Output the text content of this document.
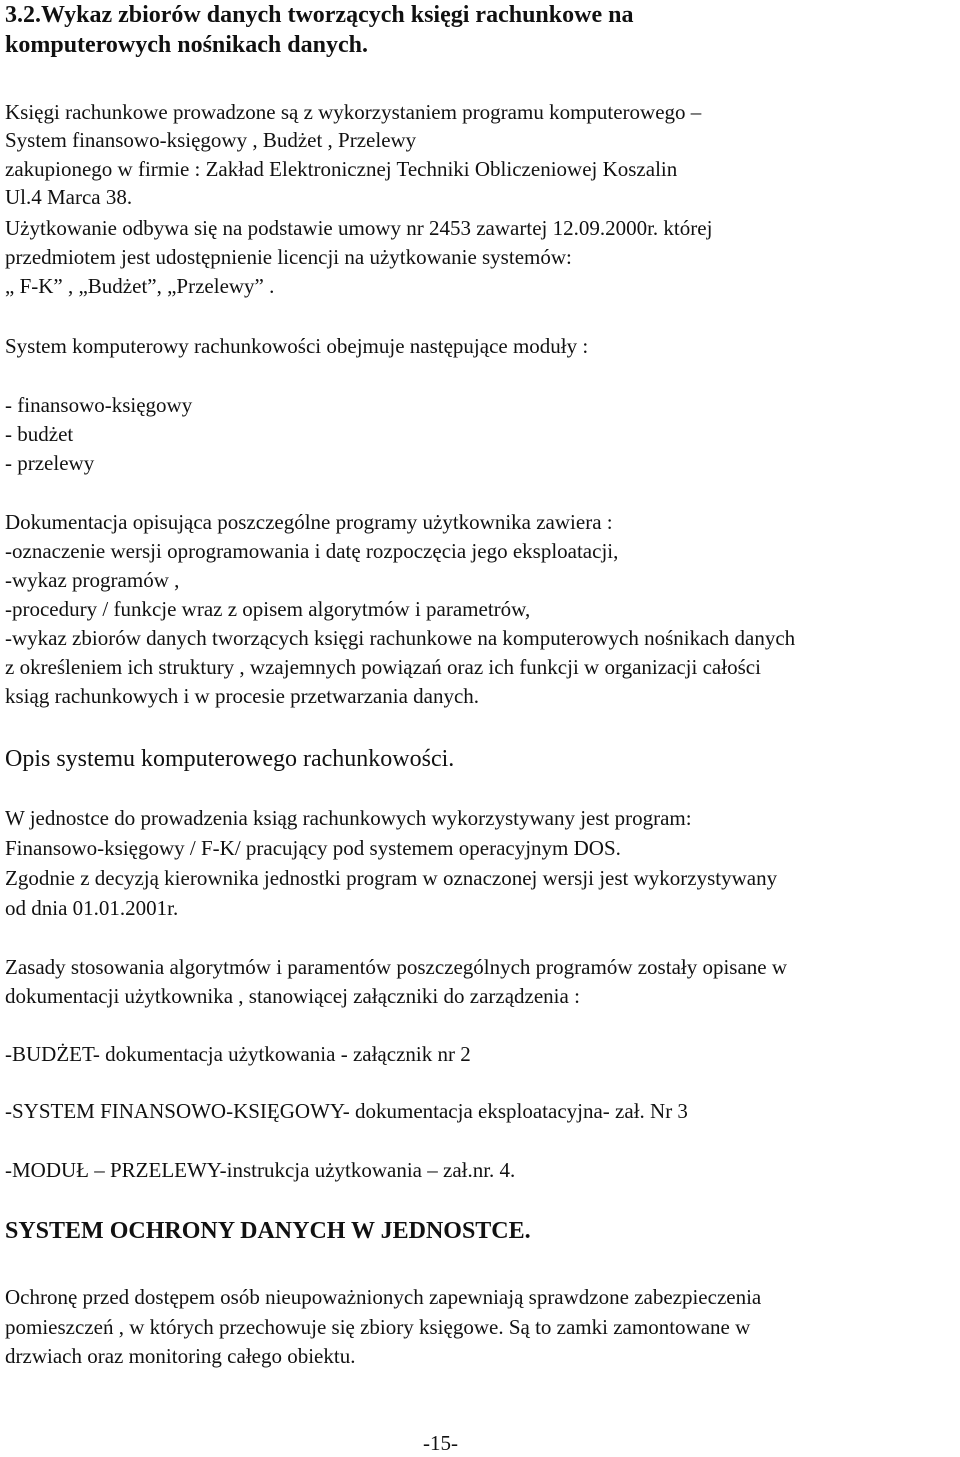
3.2.Wykaz zbiorów danych tworzących księgi rachunkowe na
komputerowych nośnikach danych.
Księgi rachunkowe prowadzone są z wykorzystaniem programu komputerowego –
System finansowo-księgowy , Budżet , Przelewy
zakupionego w firmie : Zakład Elektronicznej Techniki Obliczeniowej Koszalin
Ul.4 Marca 38.
Użytkowanie odbywa się na podstawie umowy nr 2453 zawartej 12.09.2000r. której
przedmiotem jest udostępnienie licencji na użytkowanie systemów:
„ F-K” , „Budżet”, „Przelewy” .
System komputerowy rachunkowości obejmuje następujące moduły :
- finansowo-księgowy
- budżet
- przelewy
Dokumentacja opisująca poszczególne programy użytkownika zawiera :
-oznaczenie wersji oprogramowania i datę rozpoczęcia jego eksploatacji,
-wykaz programów ,
-procedury / funkcje wraz z opisem algorytmów i parametrów,
-wykaz zbiorów danych tworzących księgi rachunkowe na komputerowych nośnikach danych
z określeniem ich struktury , wzajemnych powiązań oraz ich funkcji w organizacji całości
ksiąg rachunkowych i w procesie przetwarzania danych.
Opis systemu komputerowego rachunkowości.
W jednostce do prowadzenia ksiąg rachunkowych wykorzystywany jest program:
Finansowo-księgowy / F-K/ pracujący pod systemem operacyjnym DOS.
Zgodnie z decyzją kierownika jednostki program w oznaczonej wersji jest wykorzystywany
od dnia 01.01.2001r.
Zasady stosowania algorytmów i paramentów poszczególnych programów zostały opisane w
dokumentacji użytkownika , stanowiącej załączniki do zarządzenia :
-BUDŻET- dokumentacja użytkowania - załącznik nr 2
-SYSTEM FINANSOWO-KSIĘGOWY- dokumentacja eksploatacyjna- zał. Nr 3
-MODUŁ – PRZELEWY-instrukcja użytkowania – zał.nr. 4.
SYSTEM OCHRONY DANYCH W JEDNOSTCE.
Ochronę przed dostępem osób nieupoważnionych zapewniają sprawdzone zabezpieczenia
pomieszczeń , w których przechowuje się zbiory księgowe. Są to zamki zamontowane w
drzwiach oraz monitoring całego obiektu.
-15-
